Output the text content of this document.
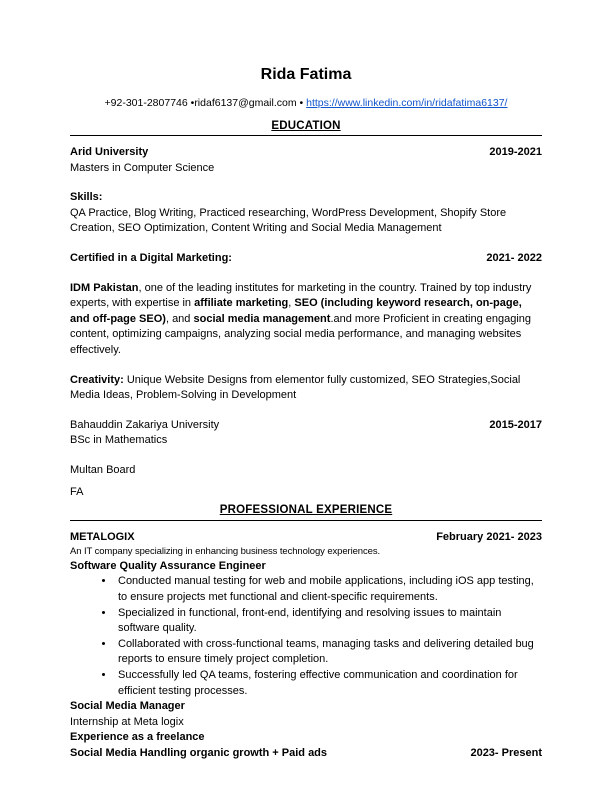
Rida Fatima
+92-301-2807746 •ridaf6137@gmail.com • https://www.linkedin.com/in/ridafatima6137/
EDUCATION
Arid University	2019-2021

Masters in Computer Science

Skills:

QA Practice, Blog Writing, Practiced researching, WordPress Development, Shopify Store Creation, SEO Optimization, Content Writing and Social Media Management

Certified in a Digital Marketing:	2021- 2022

IDM Pakistan, one of the leading institutes for marketing in the country. Trained by top industry experts, with expertise in affiliate marketing, SEO (including keyword research, on-page, and off-page SEO), and social media management.and more Proficient in creating engaging content, optimizing campaigns, analyzing social media performance, and managing websites effectively.

Creativity: Unique Website Designs from elementor fully customized, SEO Strategies,Social Media Ideas, Problem-Solving in Development

Bahauddin Zakariya University	2015-2017

BSc in Mathematics

Multan Board

FA

PROFESSIONAL EXPERIENCE
METALOGIX	February 2021- 2023

An IT company specializing in enhancing business technology experiences.

Software Quality Assurance Engineer

• Conducted manual testing for web and mobile applications, including iOS app testing, to ensure projects met functional and client-specific requirements.
• Specialized in functional, front-end, identifying and resolving issues to maintain software quality.
• Collaborated with cross-functional teams, managing tasks and delivering detailed bug reports to ensure timely project completion.
• Successfully led QA teams, fostering effective communication and coordination for efficient testing processes.

Social Media Manager

Internship at Meta logix

Experience as a freelance

Social Media Handling organic growth + Paid ads	2023- Present
